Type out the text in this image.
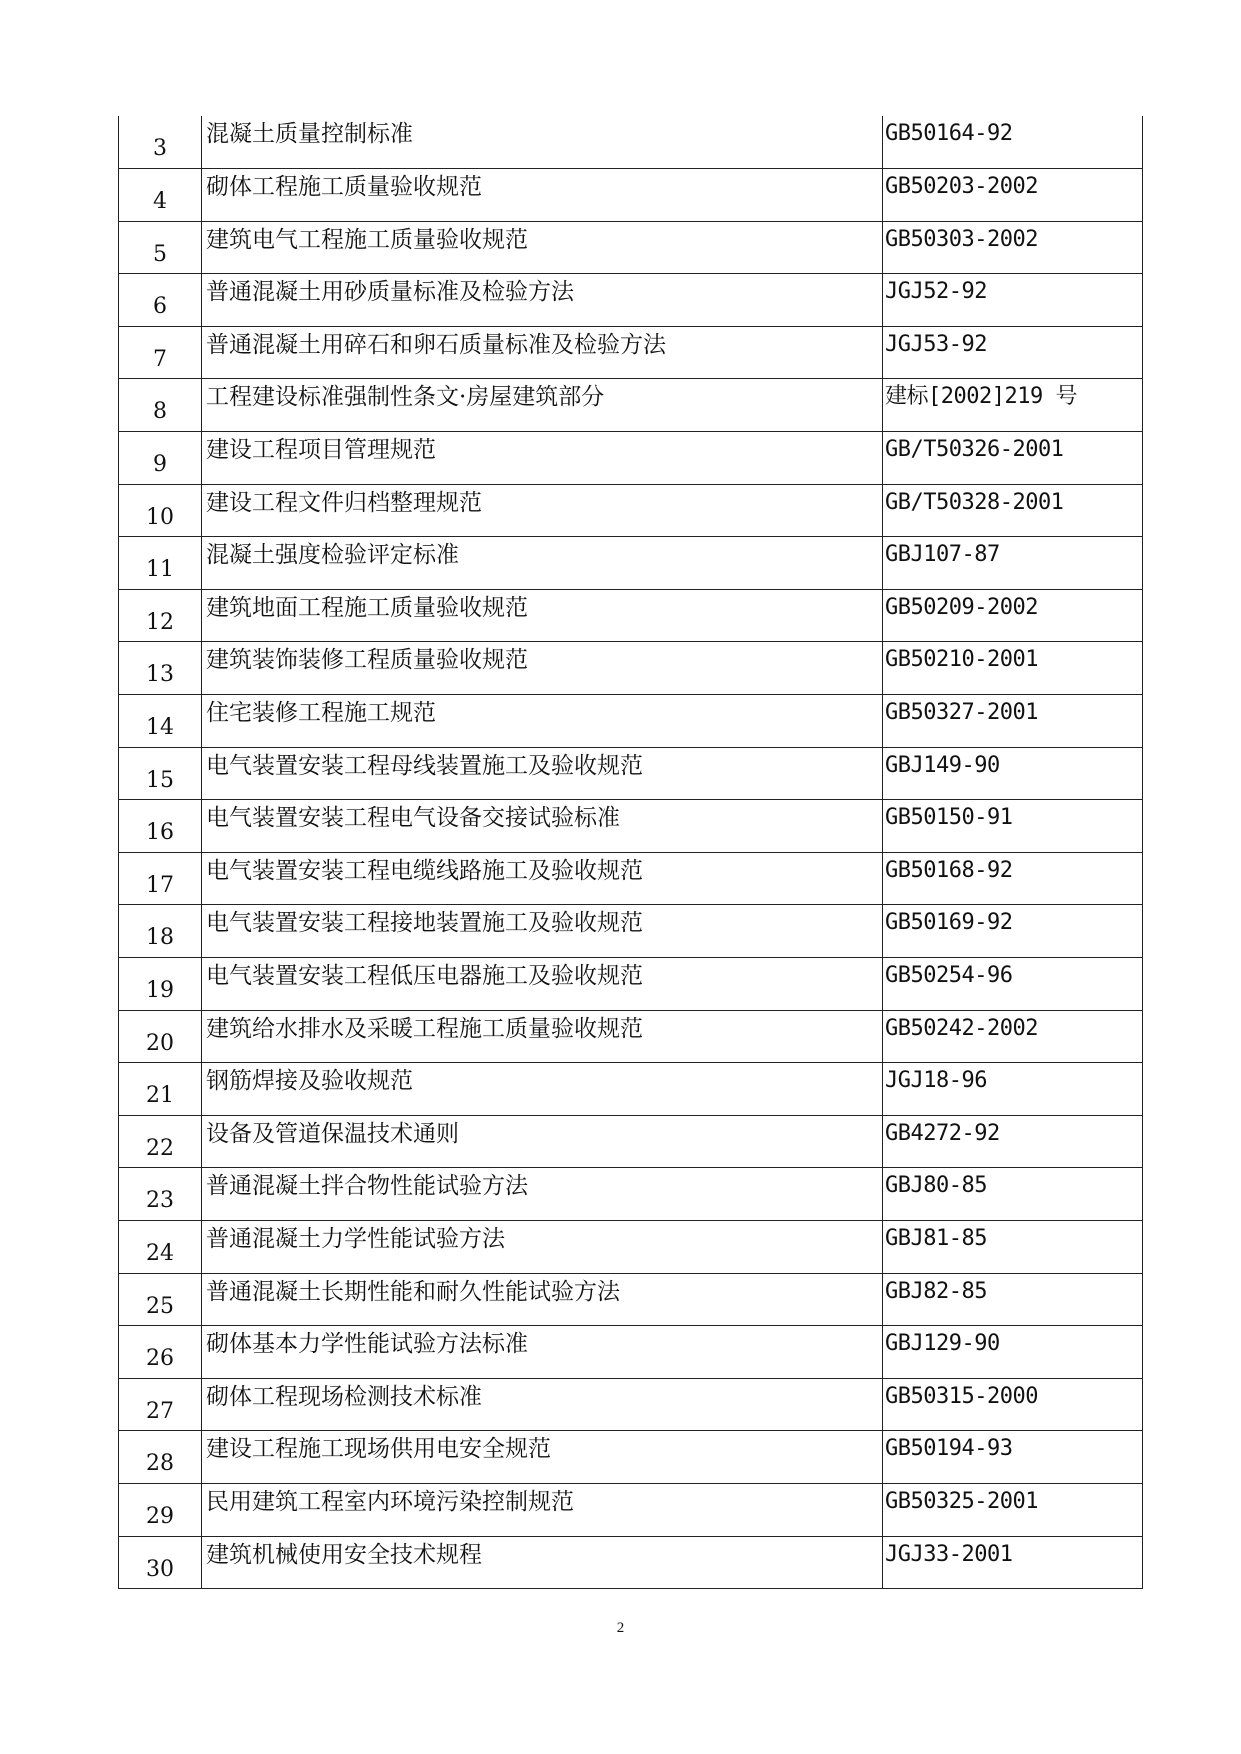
3	混凝土质量控制标准	GB50164-92
4	砌体工程施工质量验收规范	GB50203-2002
5	建筑电气工程施工质量验收规范	GB50303-2002
6	普通混凝土用砂质量标准及检验方法	JGJ52-92
7	普通混凝土用碎石和卵石质量标准及检验方法	JGJ53-92
8	工程建设标准强制性条文·房屋建筑部分	建标[2002]219 号
9	建设工程项目管理规范	GB/T50326-2001
10	建设工程文件归档整理规范	GB/T50328-2001
11	混凝土强度检验评定标准	GBJ107-87
12	建筑地面工程施工质量验收规范	GB50209-2002
13	建筑装饰装修工程质量验收规范	GB50210-2001
14	住宅装修工程施工规范	GB50327-2001
15	电气装置安装工程母线装置施工及验收规范	GBJ149-90
16	电气装置安装工程电气设备交接试验标准	GB50150-91
17	电气装置安装工程电缆线路施工及验收规范	GB50168-92
18	电气装置安装工程接地装置施工及验收规范	GB50169-92
19	电气装置安装工程低压电器施工及验收规范	GB50254-96
20	建筑给水排水及采暖工程施工质量验收规范	GB50242-2002
21	钢筋焊接及验收规范	JGJ18-96
22	设备及管道保温技术通则	GB4272-92
23	普通混凝土拌合物性能试验方法	GBJ80-85
24	普通混凝土力学性能试验方法	GBJ81-85
25	普通混凝土长期性能和耐久性能试验方法	GBJ82-85
26	砌体基本力学性能试验方法标准	GBJ129-90
27	砌体工程现场检测技术标准	GB50315-2000
28	建设工程施工现场供用电安全规范	GB50194-93
29	民用建筑工程室内环境污染控制规范	GB50325-2001
30	建筑机械使用安全技术规程	JGJ33-2001
2
